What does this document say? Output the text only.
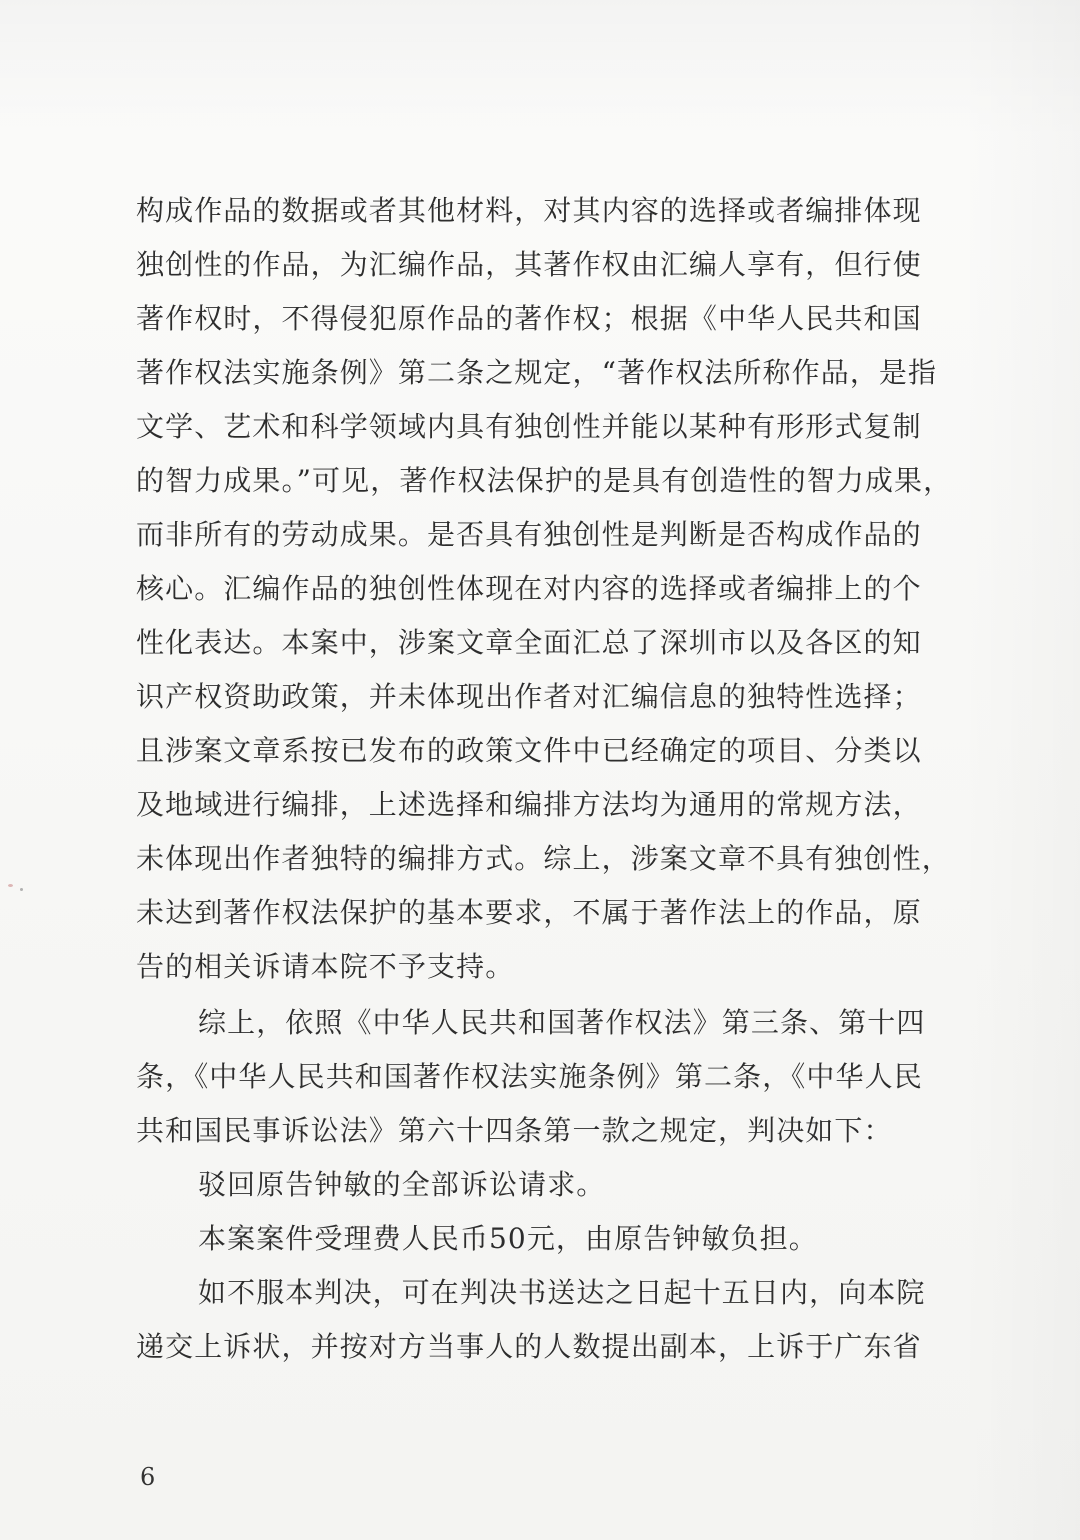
构成作品的数据或者其他材料，对其内容的选择或者编排体现
独创性的作品，为汇编作品，其著作权由汇编人享有，但行使
著作权时，不得侵犯原作品的著作权；根据《中华人民共和国
著作权法实施条例》第二条之规定，“著作权法所称作品，是指
文学、艺术和科学领域内具有独创性并能以某种有形形式复制
的智力成果。”可见，著作权法保护的是具有创造性的智力成果，
而非所有的劳动成果。是否具有独创性是判断是否构成作品的
核心。汇编作品的独创性体现在对内容的选择或者编排上的个
性化表达。本案中，涉案文章全面汇总了深圳市以及各区的知
识产权资助政策，并未体现出作者对汇编信息的独特性选择；
且涉案文章系按已发布的政策文件中已经确定的项目、分类以
及地域进行编排，上述选择和编排方法均为通用的常规方法，
未体现出作者独特的编排方式。综上，涉案文章不具有独创性，
未达到著作权法保护的基本要求，不属于著作法上的作品，原
告的相关诉请本院不予支持。
综上，依照《中华人民共和国著作权法》第三条、第十四
条，《中华人民共和国著作权法实施条例》第二条，《中华人民
共和国民事诉讼法》第六十四条第一款之规定，判决如下：
驳回原告钟敏的全部诉讼请求。
本案案件受理费人民币50元，由原告钟敏负担。
如不服本判决，可在判决书送达之日起十五日内，向本院
递交上诉状，并按对方当事人的人数提出副本，上诉于广东省
6
